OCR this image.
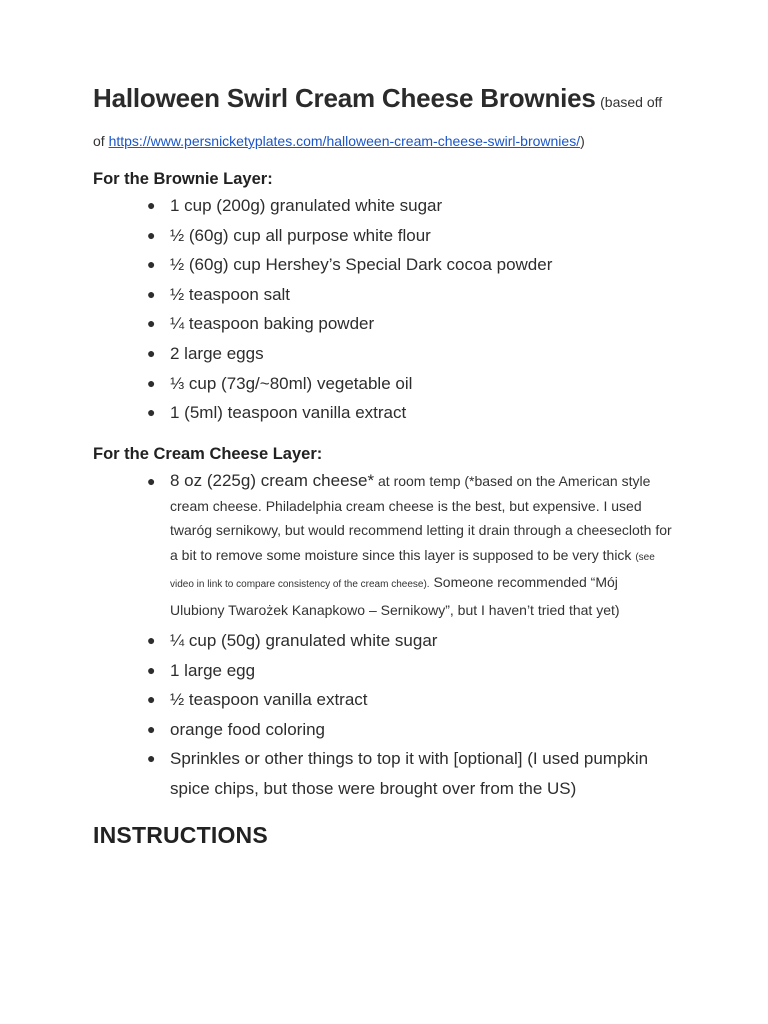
Halloween Swirl Cream Cheese Brownies (based off
of https://www.persnicketyplates.com/halloween-cream-cheese-swirl-brownies/)
For the Brownie Layer:
● 1 cup (200g) granulated white sugar
● ½ (60g) cup all purpose white flour
● ½ (60g) cup Hershey’s Special Dark cocoa powder
● ½ teaspoon salt
● ¼ teaspoon baking powder
● 2 large eggs
● ⅓ cup (73g/~80ml) vegetable oil
● 1 (5ml) teaspoon vanilla extract
For the Cream Cheese Layer:
● 8 oz (225g) cream cheese* at room temp (*based on the American style cream cheese. Philadelphia cream cheese is the best, but expensive. I used twaróg sernikowy, but would recommend letting it drain through a cheesecloth for a bit to remove some moisture since this layer is supposed to be very thick (see video in link to compare consistency of the cream cheese). Someone recommended “Mój Ulubiony Twarożek Kanapkowo – Sernikowy”, but I haven’t tried that yet)
● ¼ cup (50g) granulated white sugar
● 1 large egg
● ½ teaspoon vanilla extract
● orange food coloring
● Sprinkles or other things to top it with [optional] (I used pumpkin spice chips, but those were brought over from the US)
INSTRUCTIONS
